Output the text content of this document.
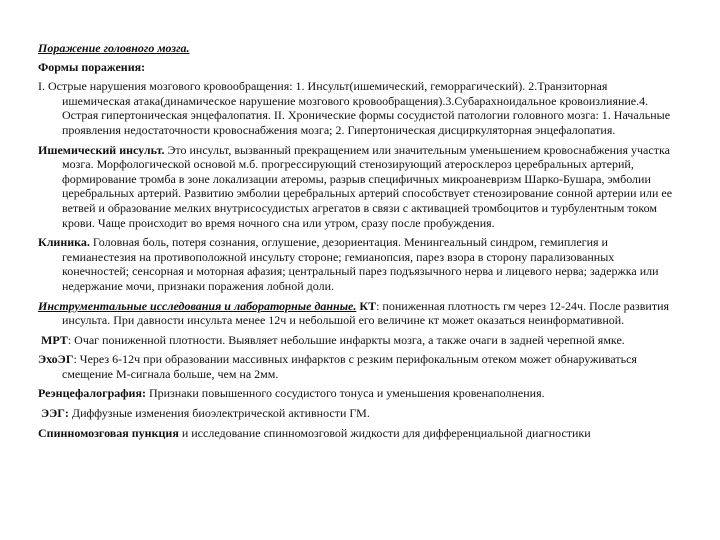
Поражение головного мозга.
Формы поражения:
I. Острые нарушения мозгового кровообращения: 1. Инсульт(ишемический, геморрагический). 2.Транзиторная ишемическая атака(динамическое нарушение мозгового кровообращения).3.Субарахноидальное кровоизлияние.4. Острая гипертоническая энцефалопатия. II. Хронические формы сосудистой патологии головного мозга: 1. Начальные проявления недостаточности кровоснабжения мозга; 2. Гипертоническая дисциркуляторная энцефалопатия.
Ишемический инсульт. Это инсульт, вызванный прекращением или значительным уменьшением кровоснабжения участка мозга. Морфологической основой м.б. прогрессирующий стенозирующий атеросклероз церебральных артерий, формирование тромба в зоне локализации атеромы, разрыв специфичных микроаневризм Шарко-Бушара, эмболии церебральных артерий. Развитию эмболии церебральных артерий способствует стенозирование сонной артерии или ее ветвей и образование мелких внутрисосудистых агрегатов в связи с активацией тромбоцитов и турбулентным током крови. Чаще происходит во время ночного сна или утром, сразу после пробуждения.
Клиника. Головная боль, потеря сознания, оглушение, дезориентация. Менингеальный синдром, гемиплегия и гемианестезия на противоположной инсульту стороне; гемианопсия, парез взора в сторону парализованных конечностей; сенсорная и моторная афазия; центральный парез подъязычного нерва и лицевого нерва; задержка или недержание мочи, признаки поражения лобной доли.
Инструментальные исследования и лабораторные данные. КТ: пониженная плотность гм через 12-24ч. После развития инсульта. При давности инсульта менее 12ч и небольшой его величине кт может оказаться неинформативной.
МРТ: Очаг пониженной плотности. Выявляет небольшие инфаркты мозга, а также очаги в задней черепной ямке.
ЭхоЭГ: Через 6-12ч при образовании массивных инфарктов с резким перифокальным отеком может обнаруживаться смещение М-сигнала больше, чем на 2мм.
Реэнцефалография: Признаки повышенного сосудистого тонуса и уменьшения кровенаполнения.
ЭЭГ: Диффузные изменения биоэлектрической активности ГМ.
Спинномозговая пункция и исследование спинномозговой жидкости для дифференциальной диагностики
